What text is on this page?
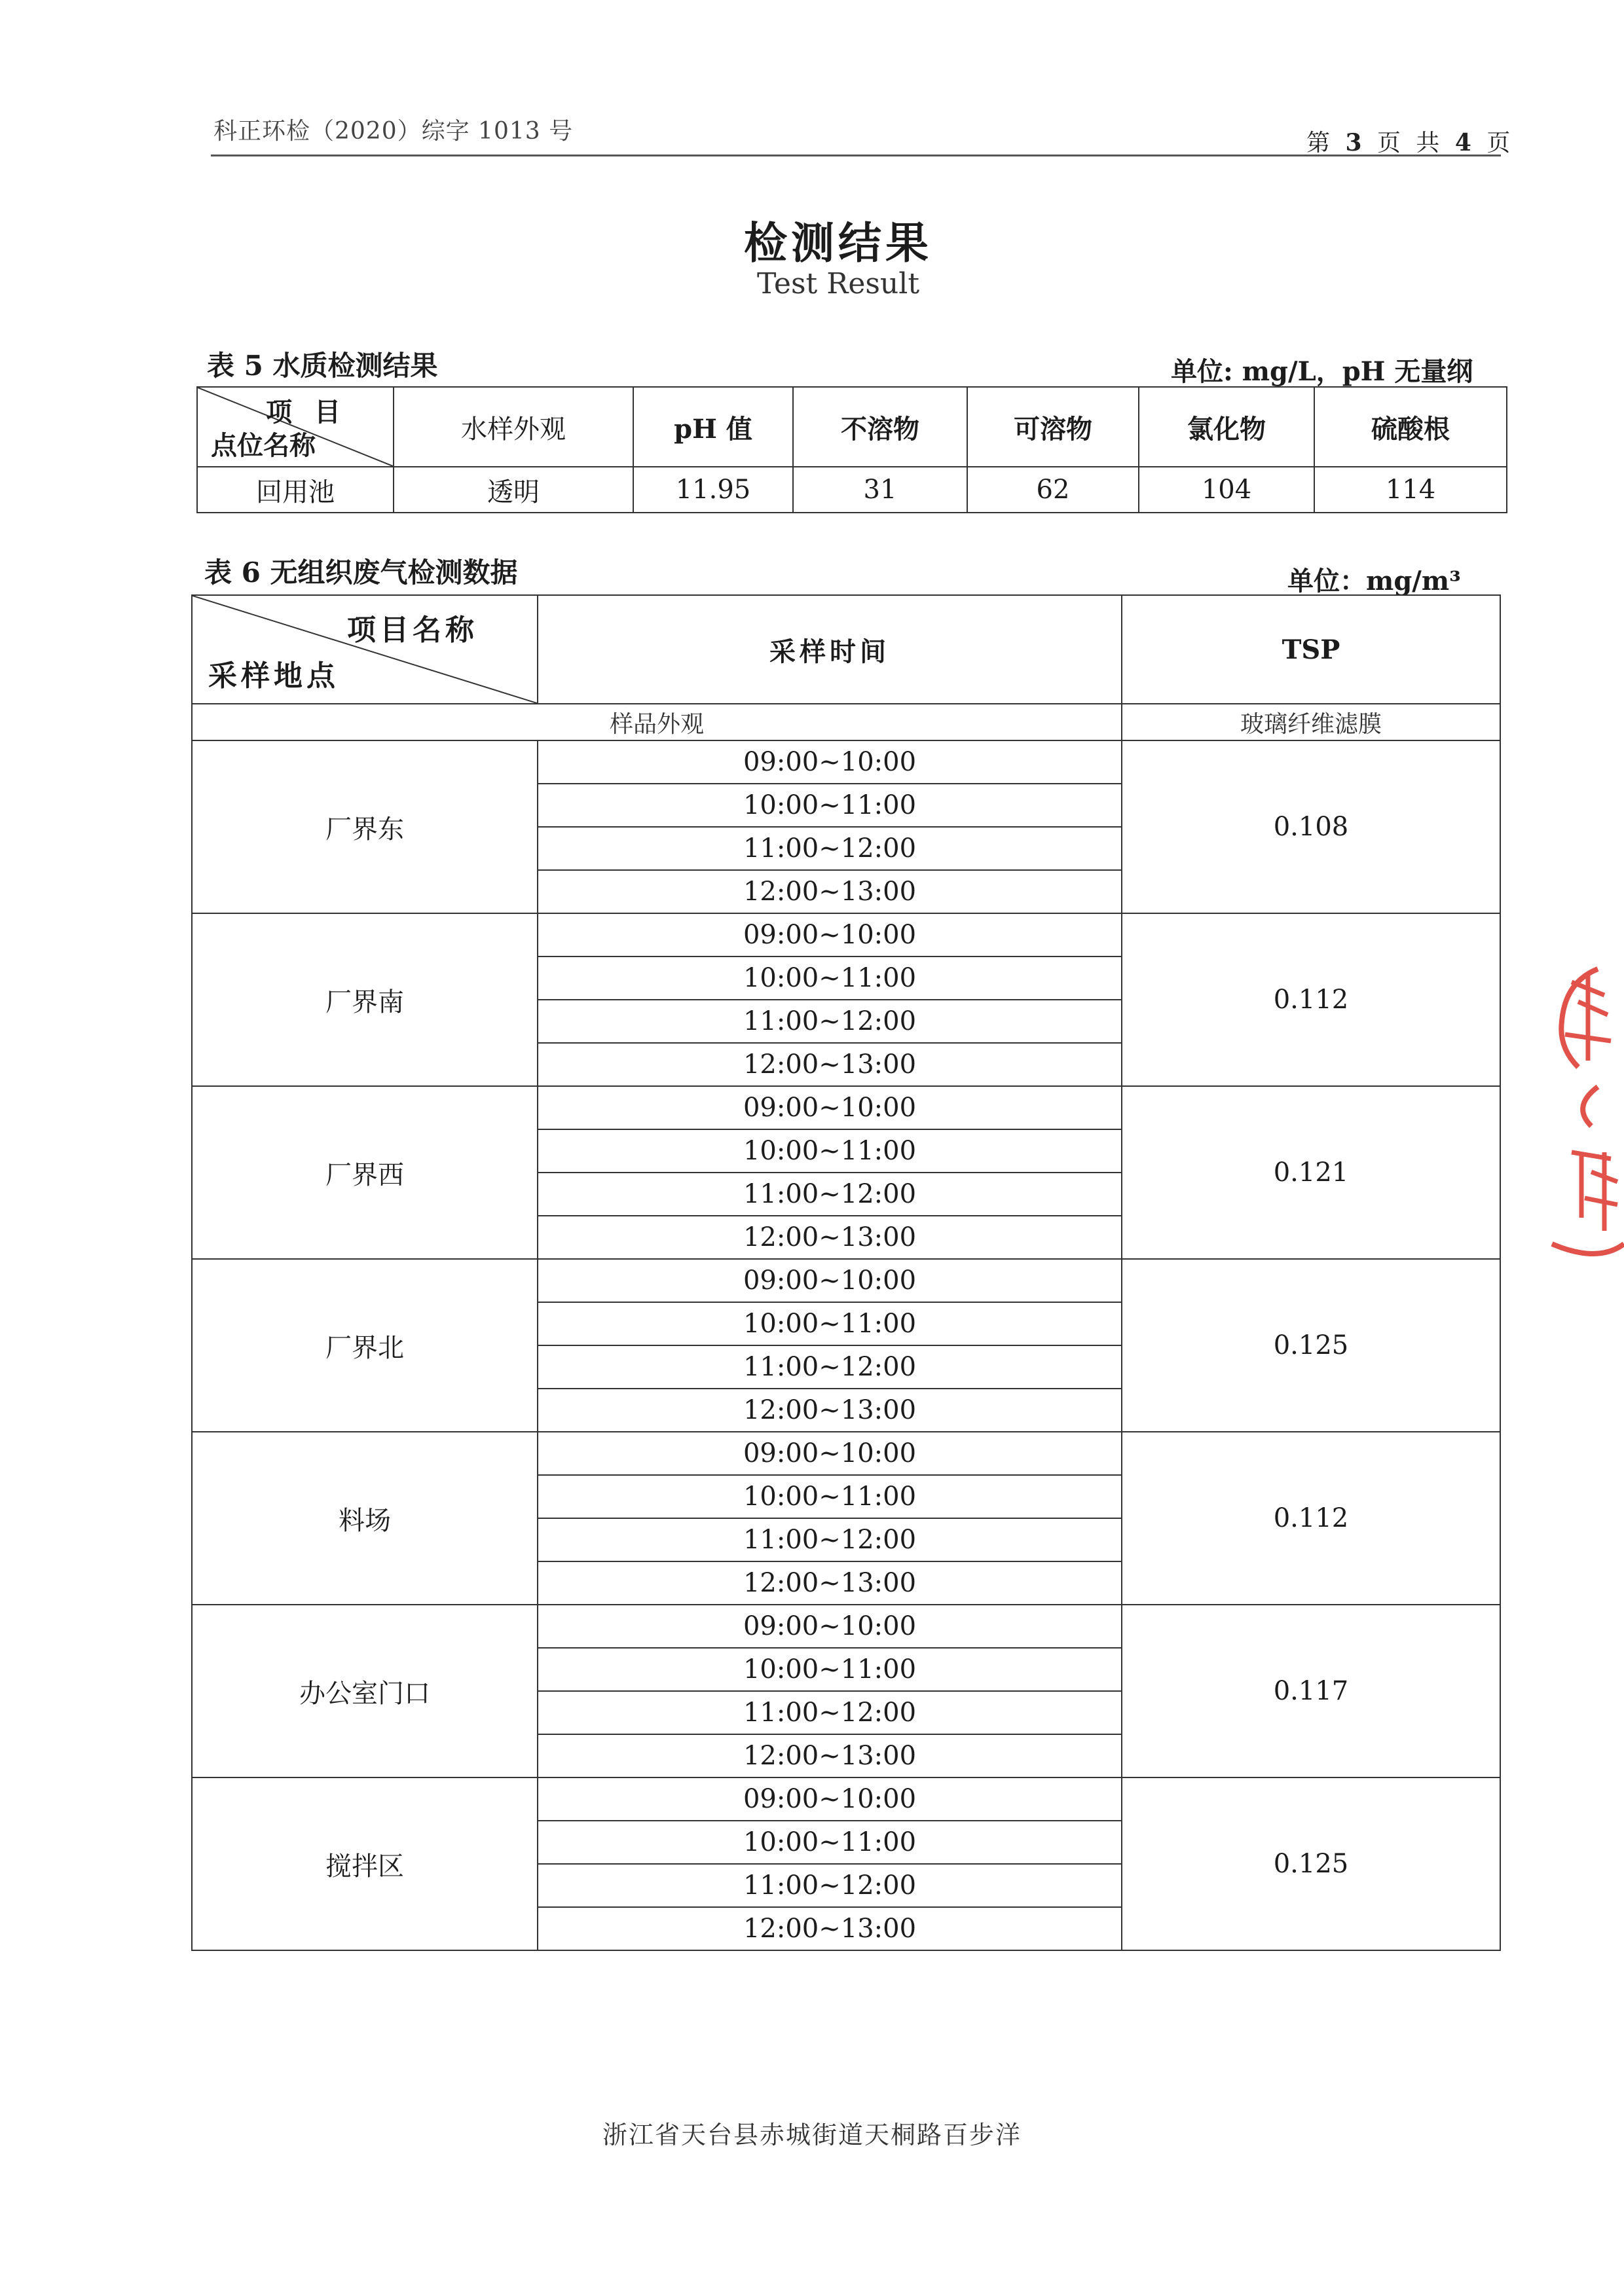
科正环检（2020）综字 1013 号	第 3 页 共 4 页
检测结果
Test Result
表 5 水质检测结果	单位: mg/L，pH 无量纲
项 目
点位名称	水样外观	pH 值	不溶物	可溶物	氯化物	硫酸根
回用池	透明	11.95	31	62	104	114
表 6 无组织废气检测数据	单位：mg/m³
项目名称
采样地点	采样时间	TSP
样品外观		玻璃纤维滤膜
厂界东	09:00~10:00	0.108
	10:00~11:00	
	11:00~12:00	
	12:00~13:00	
厂界南	09:00~10:00	0.112
	10:00~11:00	
	11:00~12:00	
	12:00~13:00	
厂界西	09:00~10:00	0.121
	10:00~11:00	
	11:00~12:00	
	12:00~13:00	
厂界北	09:00~10:00	0.125
	10:00~11:00	
	11:00~12:00	
	12:00~13:00	
料场	09:00~10:00	0.112
	10:00~11:00	
	11:00~12:00	
	12:00~13:00	
办公室门口	09:00~10:00	0.117
	10:00~11:00	
	11:00~12:00	
	12:00~13:00	
搅拌区	09:00~10:00	0.125
	10:00~11:00	
	11:00~12:00	
	12:00~13:00	
浙江省天台县赤城街道天桐路百步洋
